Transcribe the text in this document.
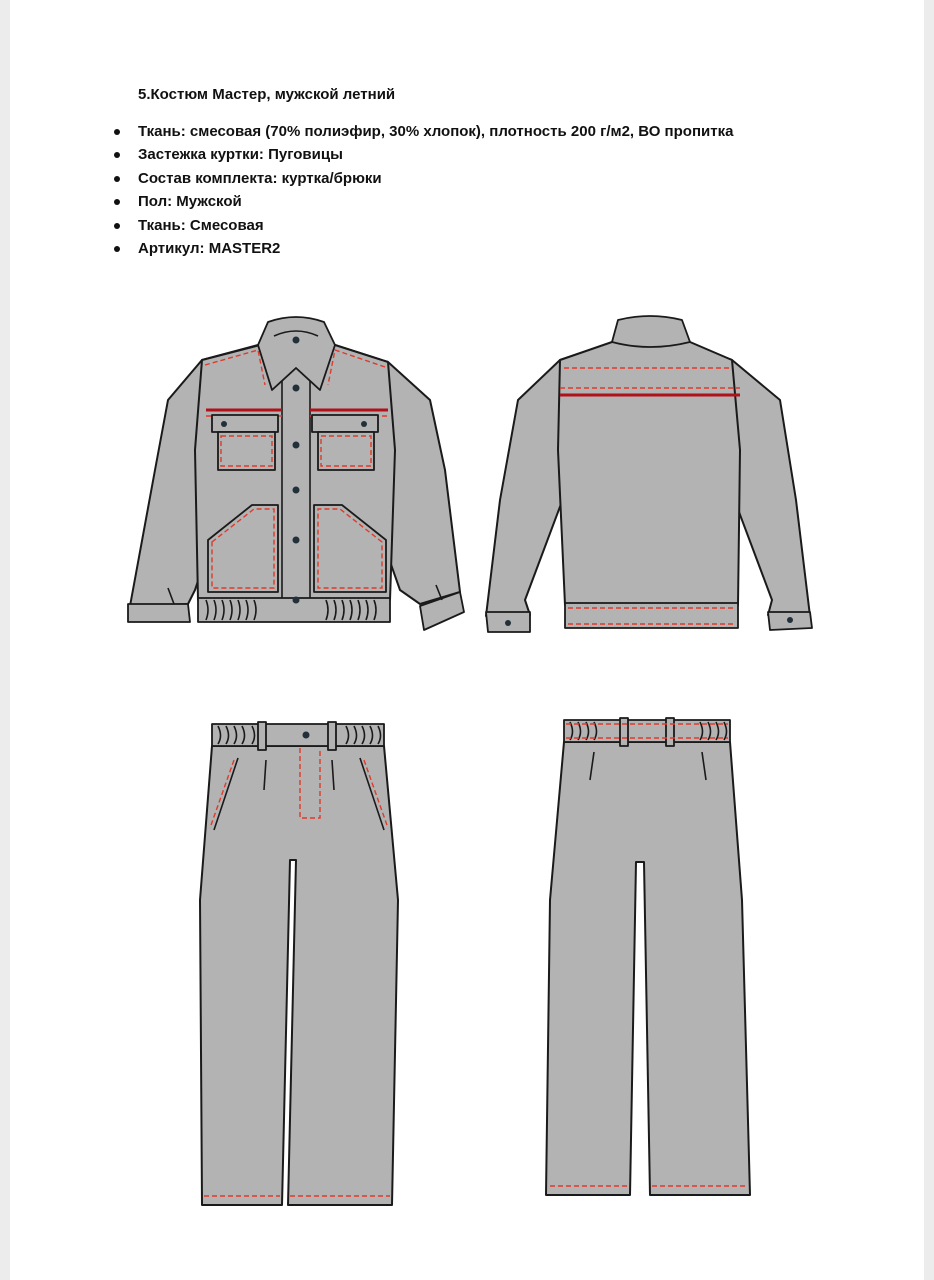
5.Костюм Мастер, мужской летний
Ткань: смесовая (70% полиэфир, 30% хлопок), плотность 200 г/м2, ВО пропитка
Застежка куртки: Пуговицы
Состав комплекта: куртка/брюки
Пол: Мужской
Ткань: Смесовая
Артикул: MASTER2
